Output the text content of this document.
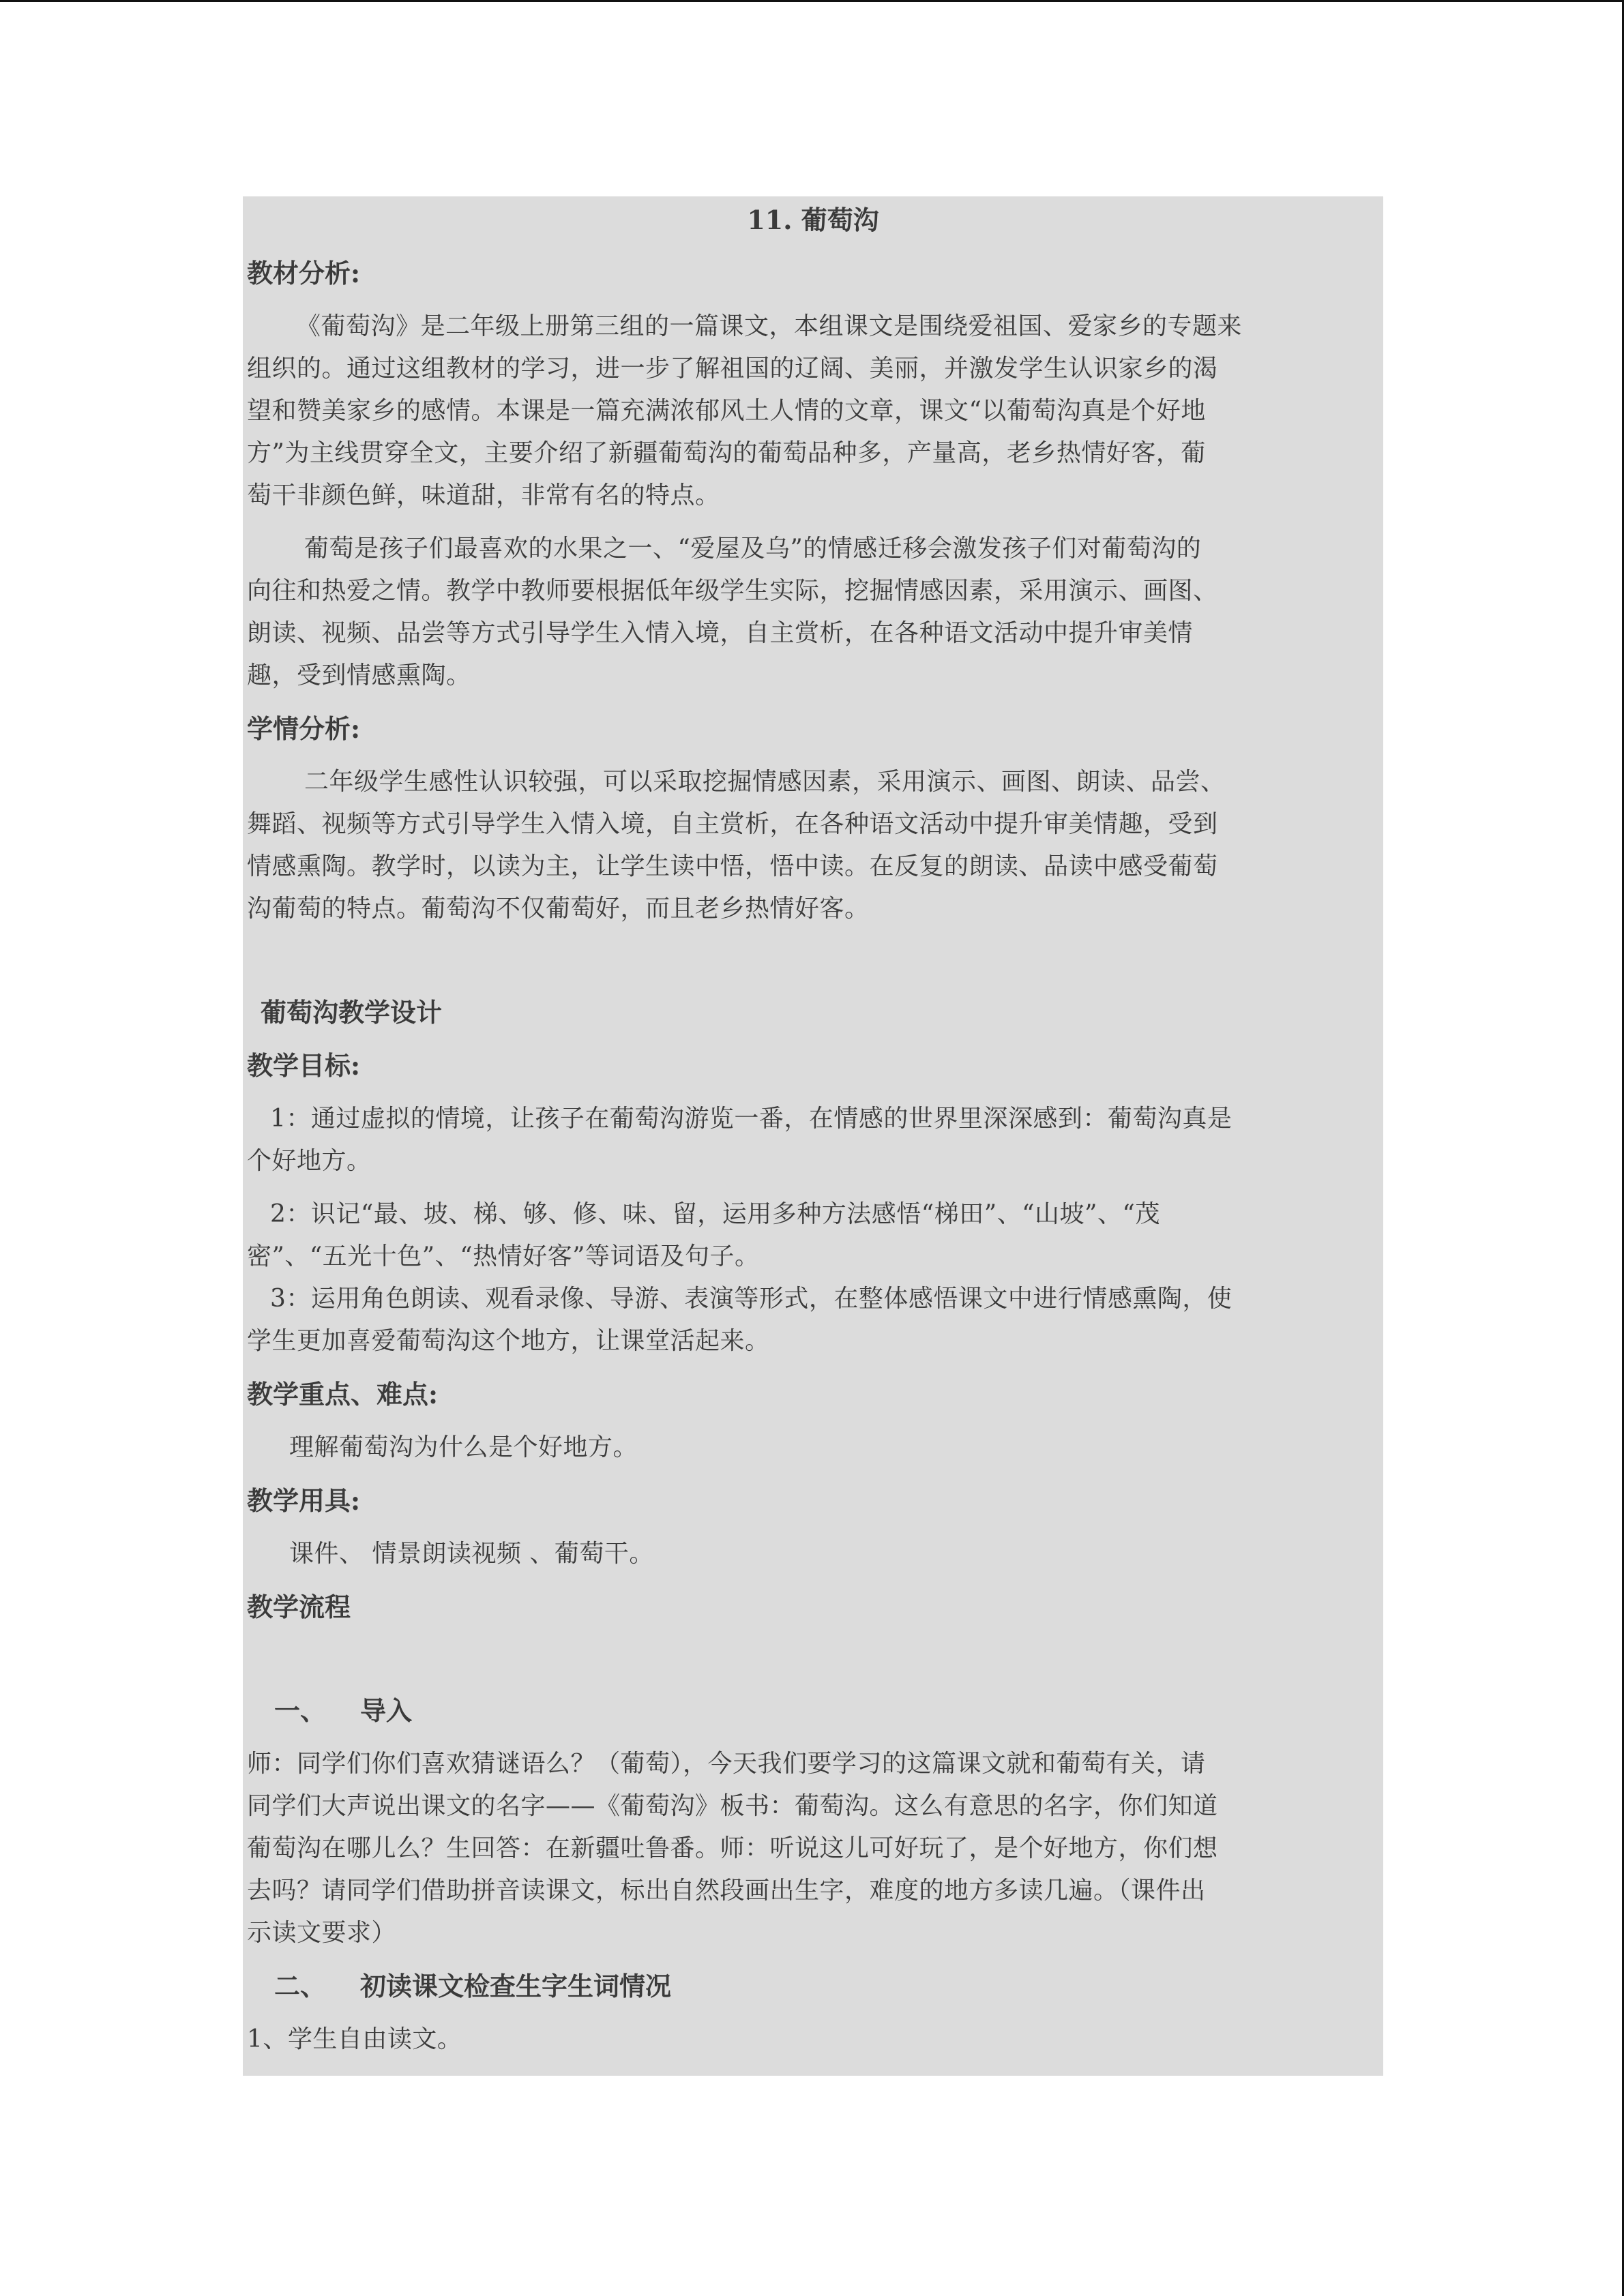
11. 葡萄沟
教材分析:
《葡萄沟》是二年级上册第三组的一篇课文，本组课文是围绕爱祖国、爱家乡的专题来
组织的。通过这组教材的学习，进一步了解祖国的辽阔、美丽，并激发学生认识家乡的渴
望和赞美家乡的感情。本课是一篇充满浓郁风土人情的文章，课文“以葡萄沟真是个好地
方”为主线贯穿全文，主要介绍了新疆葡萄沟的葡萄品种多，产量高，老乡热情好客，葡
萄干非颜色鲜，味道甜，非常有名的特点。
葡萄是孩子们最喜欢的水果之一、“爱屋及乌”的情感迁移会激发孩子们对葡萄沟的
向往和热爱之情。教学中教师要根据低年级学生实际，挖掘情感因素，采用演示、画图、
朗读、视频、品尝等方式引导学生入情入境，自主赏析，在各种语文活动中提升审美情
趣，受到情感熏陶。
学情分析:
二年级学生感性认识较强，可以采取挖掘情感因素，采用演示、画图、朗读、品尝、
舞蹈、视频等方式引导学生入情入境，自主赏析，在各种语文活动中提升审美情趣，受到
情感熏陶。教学时，以读为主，让学生读中悟，悟中读。在反复的朗读、品读中感受葡萄
沟葡萄的特点。葡萄沟不仅葡萄好，而且老乡热情好客。
葡萄沟教学设计
教学目标:
1：通过虚拟的情境，让孩子在葡萄沟游览一番，在情感的世界里深深感到：葡萄沟真是
个好地方。
2：识记“最、坡、梯、够、修、味、留，运用多种方法感悟“梯田”、“山坡”、“茂
密”、“五光十色”、“热情好客”等词语及句子。
3：运用角色朗读、观看录像、导游、表演等形式，在整体感悟课文中进行情感熏陶，使
学生更加喜爱葡萄沟这个地方，让课堂活起来。
教学重点、难点:
理解葡萄沟为什么是个好地方。
教学用具:
课件、 情景朗读视频 、葡萄干。
教学流程
一、 导入
师：同学们你们喜欢猜谜语么？（葡萄），今天我们要学习的这篇课文就和葡萄有关，请
同学们大声说出课文的名字——《葡萄沟》板书：葡萄沟。这么有意思的名字，你们知道
葡萄沟在哪儿么？生回答：在新疆吐鲁番。师：听说这儿可好玩了，是个好地方，你们想
去吗？请同学们借助拼音读课文，标出自然段画出生字，难度的地方多读几遍。（课件出
示读文要求）
二、 初读课文检查生字生词情况
1、学生自由读文。
